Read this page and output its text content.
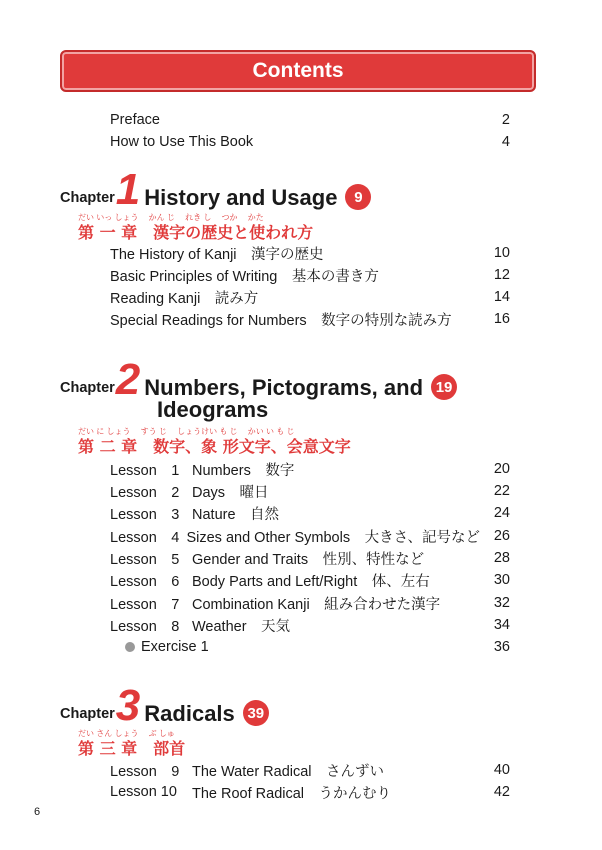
Contents
Preface	2
How to Use This Book	4
Chapter 1 History and Usage	9
だい いっ しょう　 かん じ　 れき し　 つか　 かた
第 一 章　漢字の歴史と使われ方
The History of Kanji　漢字の歴史	10
Basic Principles of Writing　基本の書き方	12
Reading Kanji　読み方	14
Special Readings for Numbers　数字の特別な読み方	16
Chapter 2 Numbers, Pictograms, and 19
Ideograms
だい に しょう　 すう じ　 しょうけい も じ　 かい い も じ
第 二 章　数字、象 形文字、会意文字
Lesson　1 Numbers　数字	20
Lesson　2 Days　曜日	22
Lesson　3 Nature　自然	24
Lesson　4 Sizes and Other Symbols　大きさ、記号など 26
Lesson　5 Gender and Traits　性別、特性など	28
Lesson　6 Body Parts and Left/Right　体、左右	30
Lesson　7 Combination Kanji　組み合わせた漢字	32
Lesson　8 Weather　天気	34
Exercise 1	36
Chapter 3 Radicals 39
だい さん しょう　 ぶ しゅ
第 三 章　部首
Lesson　9 The Water Radical　さんずい	40
Lesson 10	The Roof Radical　うかんむり	42
6
